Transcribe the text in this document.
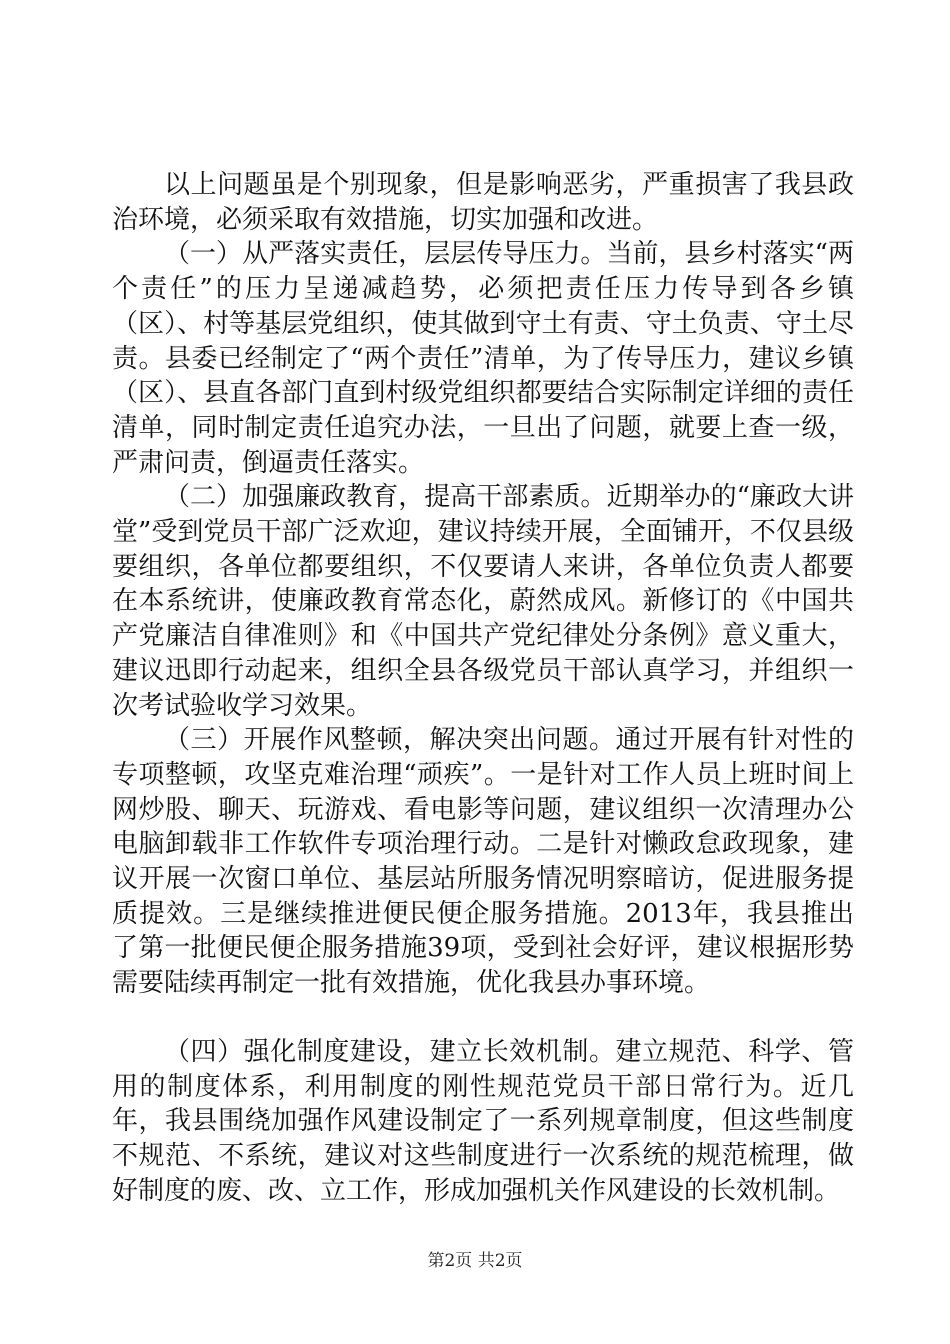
以上问题虽是个别现象，但是影响恶劣，严重损害了我县政治环境，必须采取有效措施，切实加强和改进。

（一）从严落实责任，层层传导压力。当前，县乡村落实“两个责任”的压力呈递减趋势，必须把责任压力传导到各乡镇（区）、村等基层党组织，使其做到守土有责、守土负责、守土尽责。县委已经制定了“两个责任”清单，为了传导压力，建议乡镇（区）、县直各部门直到村级党组织都要结合实际制定详细的责任清单，同时制定责任追究办法，一旦出了问题，就要上查一级，严肃问责，倒逼责任落实。

（二）加强廉政教育，提高干部素质。近期举办的“廉政大讲堂”受到党员干部广泛欢迎，建议持续开展，全面铺开，不仅县级要组织，各单位都要组织，不仅要请人来讲，各单位负责人都要在本系统讲，使廉政教育常态化，蔚然成风。新修订的《中国共产党廉洁自律准则》和《中国共产党纪律处分条例》意义重大，建议迅即行动起来，组织全县各级党员干部认真学习，并组织一次考试验收学习效果。

（三）开展作风整顿，解决突出问题。通过开展有针对性的专项整顿，攻坚克难治理“顽疾”。一是针对工作人员上班时间上网炒股、聊天、玩游戏、看电影等问题，建议组织一次清理办公电脑卸载非工作软件专项治理行动。二是针对懒政怠政现象，建议开展一次窗口单位、基层站所服务情况明察暗访，促进服务提质提效。三是继续推进便民便企服务措施。2013年，我县推出了第一批便民便企服务措施39项，受到社会好评，建议根据形势需要陆续再制定一批有效措施，优化我县办事环境。

（四）强化制度建设，建立长效机制。建立规范、科学、管用的制度体系，利用制度的刚性规范党员干部日常行为。近几年，我县围绕加强作风建设制定了一系列规章制度，但这些制度不规范、不系统，建议对这些制度进行一次系统的规范梳理，做好制度的废、改、立工作，形成加强机关作风建设的长效机制。

第2页 共2页
